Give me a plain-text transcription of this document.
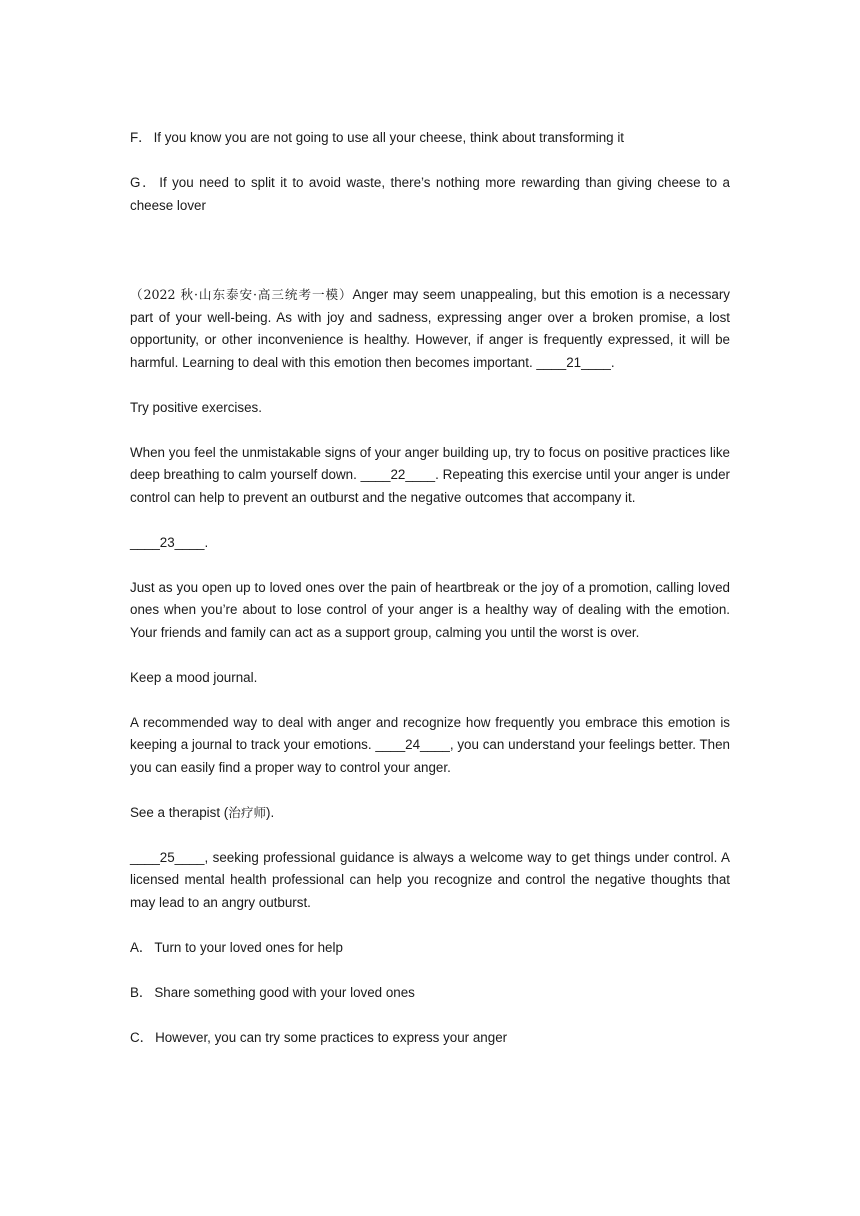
F． If you know you are not going to use all your cheese, think about transforming it

G． If you need to split it to avoid waste, there’s nothing more rewarding than giving cheese to a cheese lover

（2022 秋·山东泰安·高三统考一模）Anger may seem unappealing, but this emotion is a necessary part of your well-being. As with joy and sadness, expressing anger over a broken promise, a lost opportunity, or other inconvenience is healthy. However, if anger is frequently expressed, it will be harmful. Learning to deal with this emotion then becomes important. ____21____.

Try positive exercises.

When you feel the unmistakable signs of your anger building up, try to focus on positive practices like deep breathing to calm yourself down. ____22____. Repeating this exercise until your anger is under control can help to prevent an outburst and the negative outcomes that accompany it.

____23____.

Just as you open up to loved ones over the pain of heartbreak or the joy of a promotion, calling loved ones when you’re about to lose control of your anger is a healthy way of dealing with the emotion. Your friends and family can act as a support group, calming you until the worst is over.

Keep a mood journal.

A recommended way to deal with anger and recognize how frequently you embrace this emotion is keeping a journal to track your emotions. ____24____, you can understand your feelings better. Then you can easily find a proper way to control your anger.

See a therapist (治疗师).

____25____, seeking professional guidance is always a welcome way to get things under control. A licensed mental health professional can help you recognize and control the negative thoughts that may lead to an angry outburst.

A． Turn to your loved ones for help

B． Share something good with your loved ones

C． However, you can try some practices to express your anger
